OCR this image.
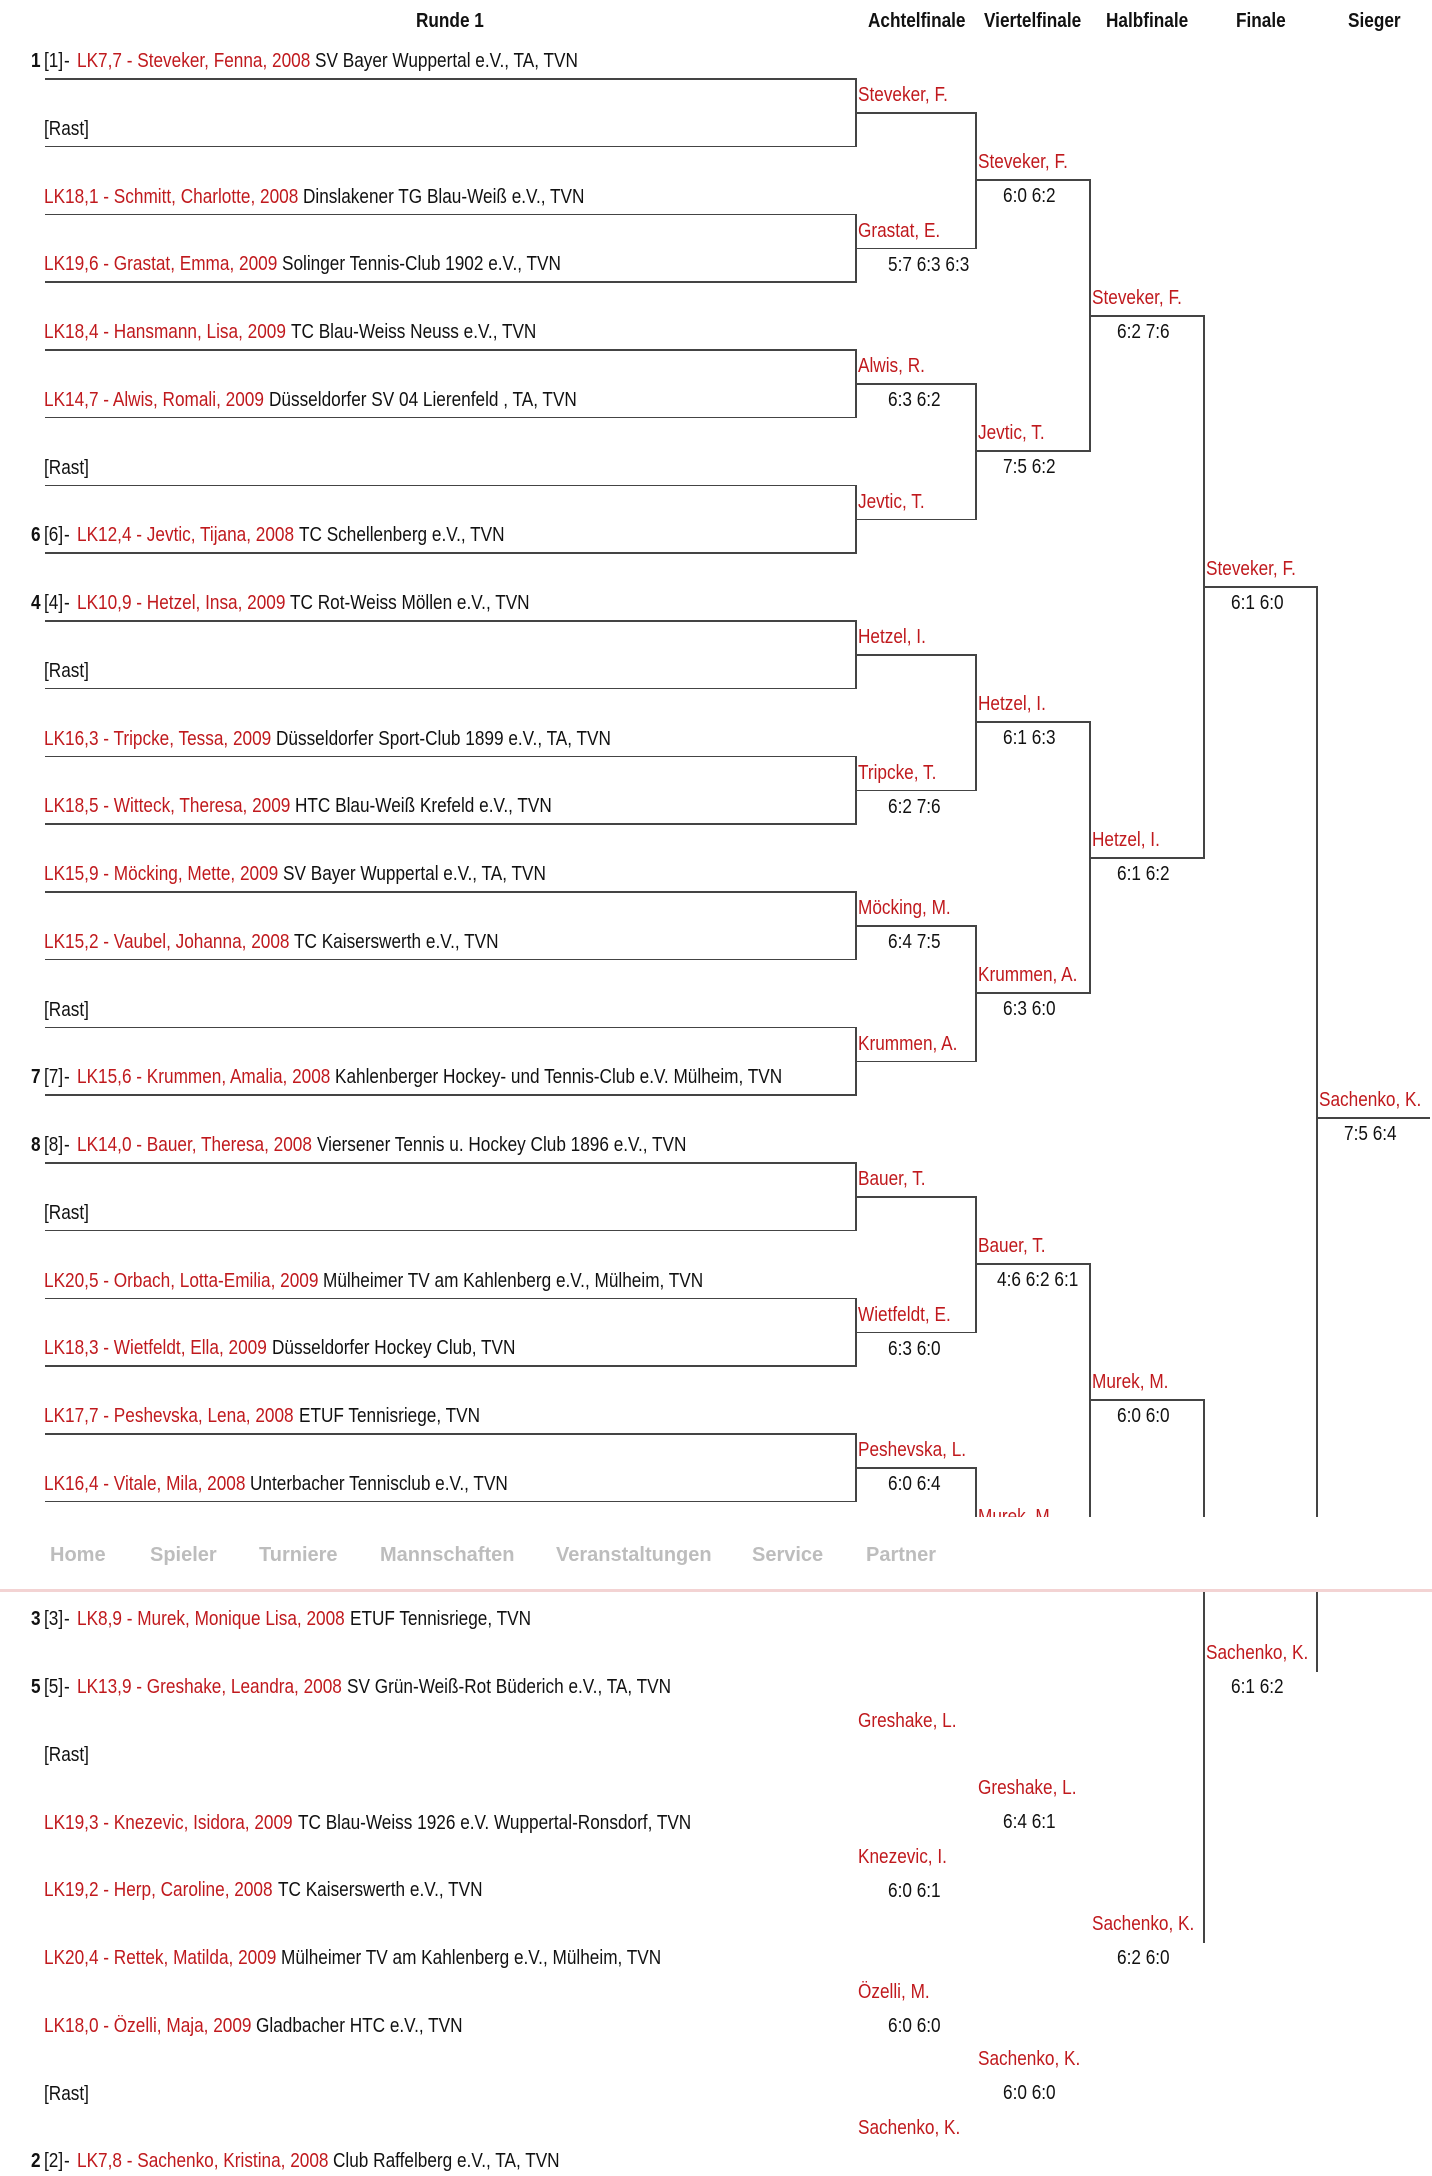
Runde 1	Achtelfinale Viertelfinale Halbfinale Finale	Sieger
1 [1] - LK7,7 - Steveker, Fenna, 2008
[Rast]
LK18,1 - Schmitt, Charlotte, 2008
LK19,6 - Grastat, Emma, 2009
LK18,4 - Hansmann, Lisa, 2009
LK14,7 - Alwis, Romali, 2009
[Rast]
6 [6] - LK12,4 - Jevtic, Tijana, 2008
4 [4] - LK10,9 - Hetzel, Insa, 2009
[Rast]
LK16,3 - Tripcke, Tessa, 2009
LK18,5 - Witteck, Theresa, 2009
LK15,9 - Möcking, Mette, 2009
LK15,2 - Vaubel, Johanna, 2008
[Rast]
7 [7] - LK15,6 - Krummen, Amalia, 2008
8 [8] - LK14,0 - Bauer, Theresa, 2008
[Rast]
LK20,5 - Orbach, Lotta-Emilia, 2009
LK18,3 - Wietfeldt, Ella, 2009
LK17,7 - Peshevska, Lena, 2008
LK16,4 - Vitale, Mila, 2008
3 [3] - LK8,9 - Murek, Monique Lisa, 2008
5 [5] - LK13,9 - Greshake, Leandra, 2008
[Rast]
LK19,3 - Knezevic, Isidora, 2009
LK19,2 - Herp, Caroline, 2008
LK20,4 - Rettek, Matilda, 2009
LK18,0 - Özelli, Maja, 2009
[Rast]
2 [2] - LK7,8 - Sachenko, Kristina, 2008
Steveker, F.
Grastat, E.
5:7 6:3 6:3
Alwis, R.
6:3 6:2
Jevtic, T.
Hetzel, I.
Tripcke, T.
6:2 7:6
Möcking, M.
6:4 7:5
Krummen, A.
Bauer, T.
Wietfeldt, E.
6:3 6:0
Peshevska, L.
6:0 6:4
Greshake, L.
Knezevic, I.
6:0 6:1
Özelli, M.
6:0 6:0
Sachenko, K.
Steveker, F.
6:0 6:2
Jevtic, T.
7:5 6:2
Hetzel, I.
6:1 6:3
Krummen, A.
6:3 6:0
Bauer, T.
4:6 6:2 6:1
Greshake, L.
6:4 6:1
Sachenko, K.
6:0 6:0
Steveker, F.
6:2 7:6
Hetzel, I.
6:1 6:2
Murek, M.
6:0 6:0
Sachenko, K.
6:2 6:0
Steveker, F.
6:1 6:0
Sachenko, K.
6:1 6:2
Sachenko, K.
7:5 6:4
SV Bayer Wuppertal e.V., TA, TVN
Dinslakener TG Blau-Weiß e.V., TVN
Solinger Tennis-Club 1902 e.V., TVN
TC Blau-Weiss Neuss e.V., TVN
Düsseldorfer SV 04 Lierenfeld , TA, TVN
TC Schellenberg e.V., TVN
TC Rot-Weiss Möllen e.V., TVN
Düsseldorfer Sport-Club 1899 e.V., TA, TVN
HTC Blau-Weiß Krefeld e.V., TVN
SV Bayer Wuppertal e.V., TA, TVN
TC Kaiserswerth e.V., TVN
Kahlenberger Hockey- und Tennis-Club e.V. Mülheim, TVN
Viersener Tennis u. Hockey Club 1896 e.V., TVN
Mülheimer TV am Kahlenberg e.V., Mülheim, TVN
Düsseldorfer Hockey Club, TVN
ETUF Tennisriege, TVN
Unterbacher Tennisclub e.V., TVN
ETUF Tennisriege, TVN
SV Grün-Weiß-Rot Büderich e.V., TA, TVN
TC Blau-Weiss 1926 e.V. Wuppertal-Ronsdorf, TVN
TC Kaiserswerth e.V., TVN
Mülheimer TV am Kahlenberg e.V., Mülheim, TVN
Gladbacher HTC e.V., TVN
Club Raffelberg e.V., TA, TVN
Home Spieler Turniere Mannschaften Veranstaltungen Service Partner
